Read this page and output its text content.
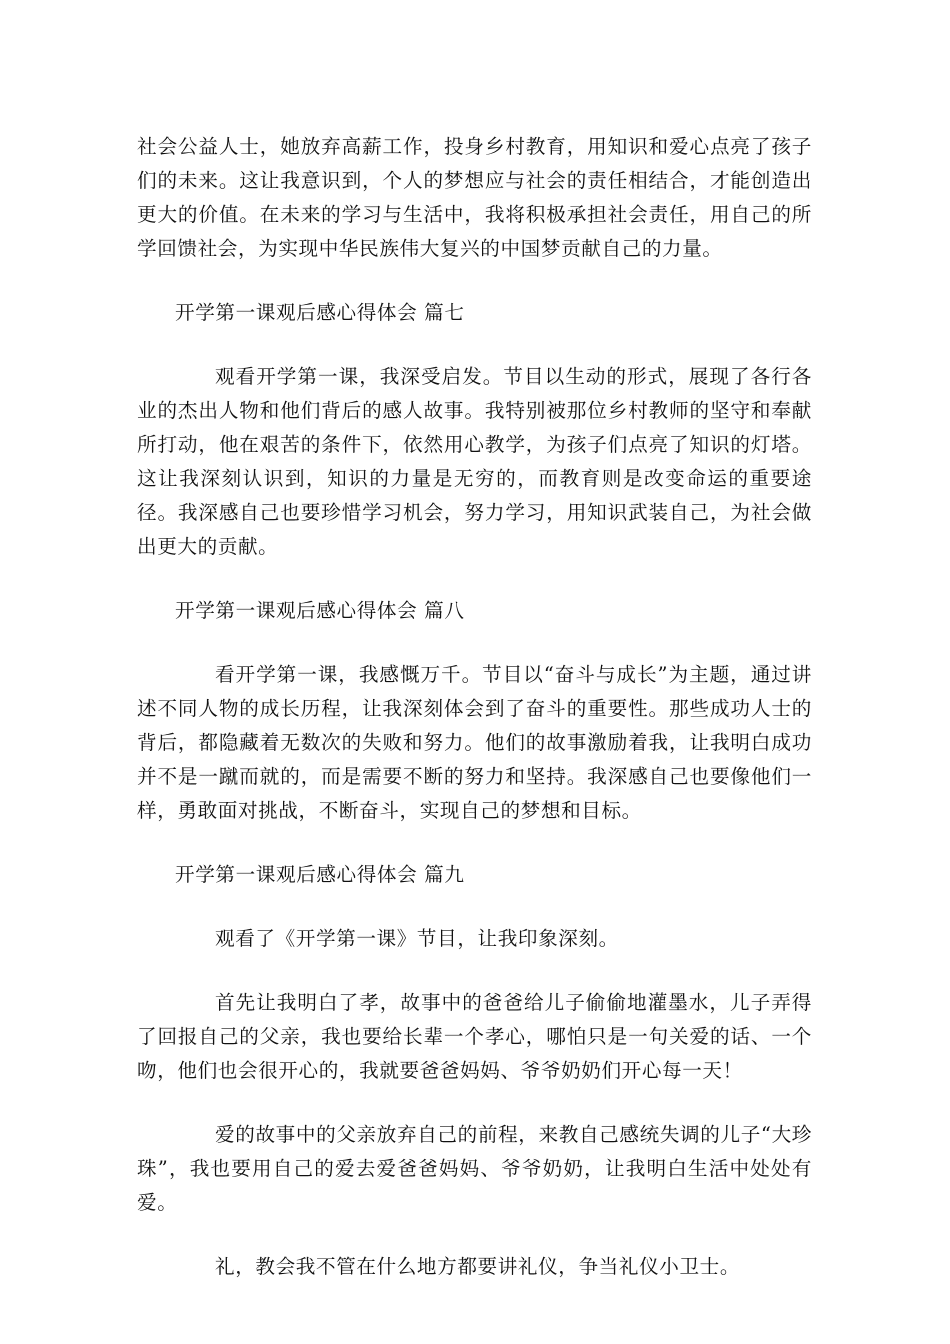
社会公益人士，她放弃高薪工作，投身乡村教育，用知识和爱心点亮了孩子们的未来。这让我意识到，个人的梦想应与社会的责任相结合，才能创造出更大的价值。在未来的学习与生活中，我将积极承担社会责任，用自己的所学回馈社会，为实现中华民族伟大复兴的中国梦贡献自己的力量。

开学第一课观后感心得体会 篇七

观看开学第一课，我深受启发。节目以生动的形式，展现了各行各业的杰出人物和他们背后的感人故事。我特别被那位乡村教师的坚守和奉献所打动，他在艰苦的条件下，依然用心教学，为孩子们点亮了知识的灯塔。这让我深刻认识到，知识的力量是无穷的，而教育则是改变命运的重要途径。我深感自己也要珍惜学习机会，努力学习，用知识武装自己，为社会做出更大的贡献。

开学第一课观后感心得体会 篇八

看开学第一课，我感慨万千。节目以“奋斗与成长”为主题，通过讲述不同人物的成长历程，让我深刻体会到了奋斗的重要性。那些成功人士的背后，都隐藏着无数次的失败和努力。他们的故事激励着我，让我明白成功并不是一蹴而就的，而是需要不断的努力和坚持。我深感自己也要像他们一样，勇敢面对挑战，不断奋斗，实现自己的梦想和目标。

开学第一课观后感心得体会 篇九

观看了《开学第一课》节目，让我印象深刻。

首先让我明白了孝，故事中的爸爸给儿子偷偷地灌墨水，儿子弄得了回报自己的父亲，我也要给长辈一个孝心，哪怕只是一句关爱的话、一个吻，他们也会很开心的，我就要爸爸妈妈、爷爷奶奶们开心每一天！

爱的故事中的父亲放弃自己的前程，来教自己感统失调的儿子“大珍珠”，我也要用自己的爱去爱爸爸妈妈、爷爷奶奶，让我明白生活中处处有爱。

礼，教会我不管在什么地方都要讲礼仪，争当礼仪小卫士。
